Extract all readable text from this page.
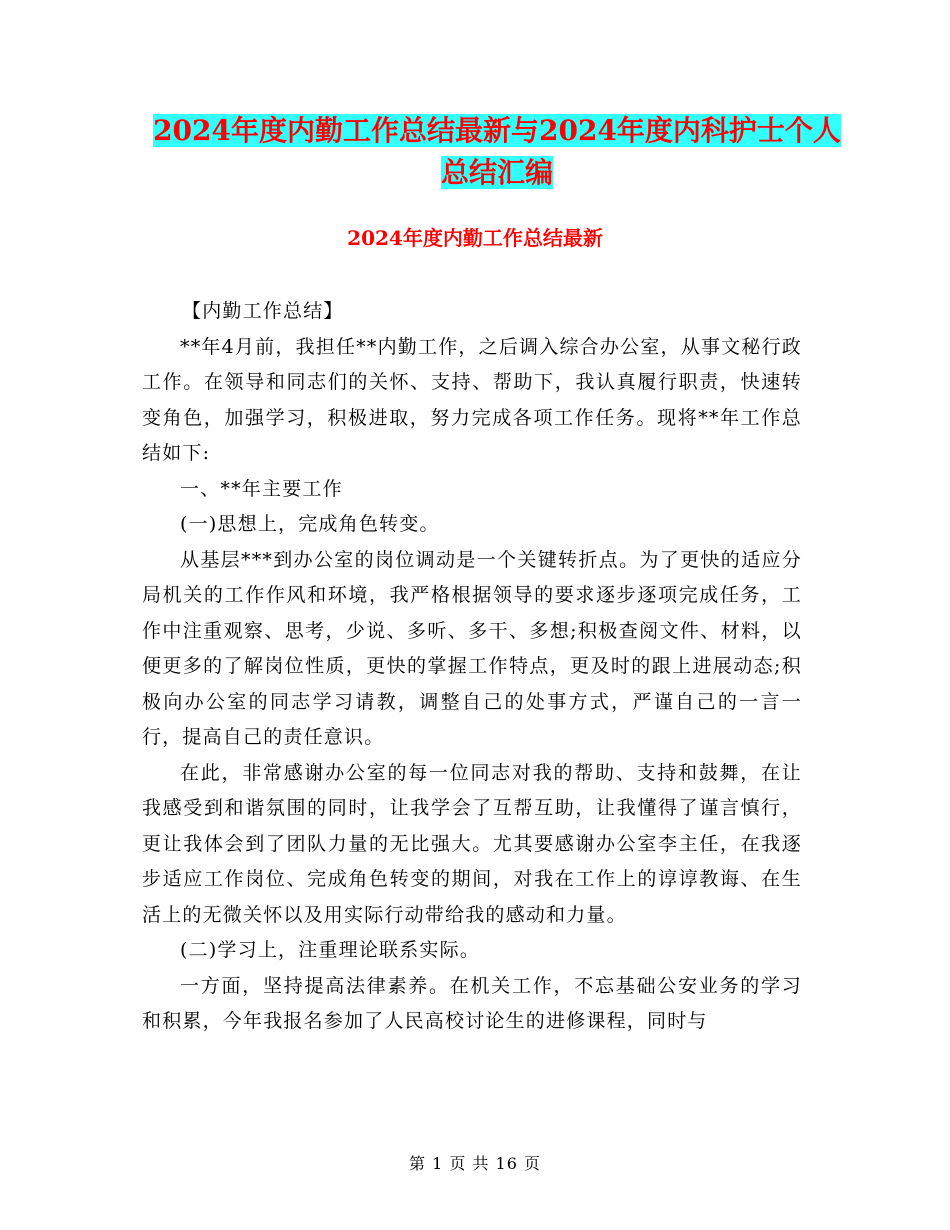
2024年度内勤工作总结最新与2024年度内科护士个人
总结汇编
2024年度内勤工作总结最新

【内勤工作总结】

**年4月前，我担任**内勤工作，之后调入综合办公室，从事文秘行政工作。在领导和同志们的关怀、支持、帮助下，我认真履行职责，快速转变角色，加强学习，积极进取，努力完成各项工作任务。现将**年工作总结如下:

一、**年主要工作

(一)思想上，完成角色转变。

从基层***到办公室的岗位调动是一个关键转折点。为了更快的适应分局机关的工作作风和环境，我严格根据领导的要求逐步逐项完成任务，工作中注重观察、思考，少说、多听、多干、多想;积极查阅文件、材料，以便更多的了解岗位性质，更快的掌握工作特点，更及时的跟上进展动态;积极向办公室的同志学习请教，调整自己的处事方式，严谨自己的一言一行，提高自己的责任意识。

在此，非常感谢办公室的每一位同志对我的帮助、支持和鼓舞，在让我感受到和谐氛围的同时，让我学会了互帮互助，让我懂得了谨言慎行，更让我体会到了团队力量的无比强大。尤其要感谢办公室李主任，在我逐步适应工作岗位、完成角色转变的期间，对我在工作上的谆谆教诲、在生活上的无微关怀以及用实际行动带给我的感动和力量。

(二)学习上，注重理论联系实际。

一方面，坚持提高法律素养。在机关工作，不忘基础公安业务的学习和积累，今年我报名参加了人民高校讨论生的进修课程，同时与

第 1 页 共 16 页
